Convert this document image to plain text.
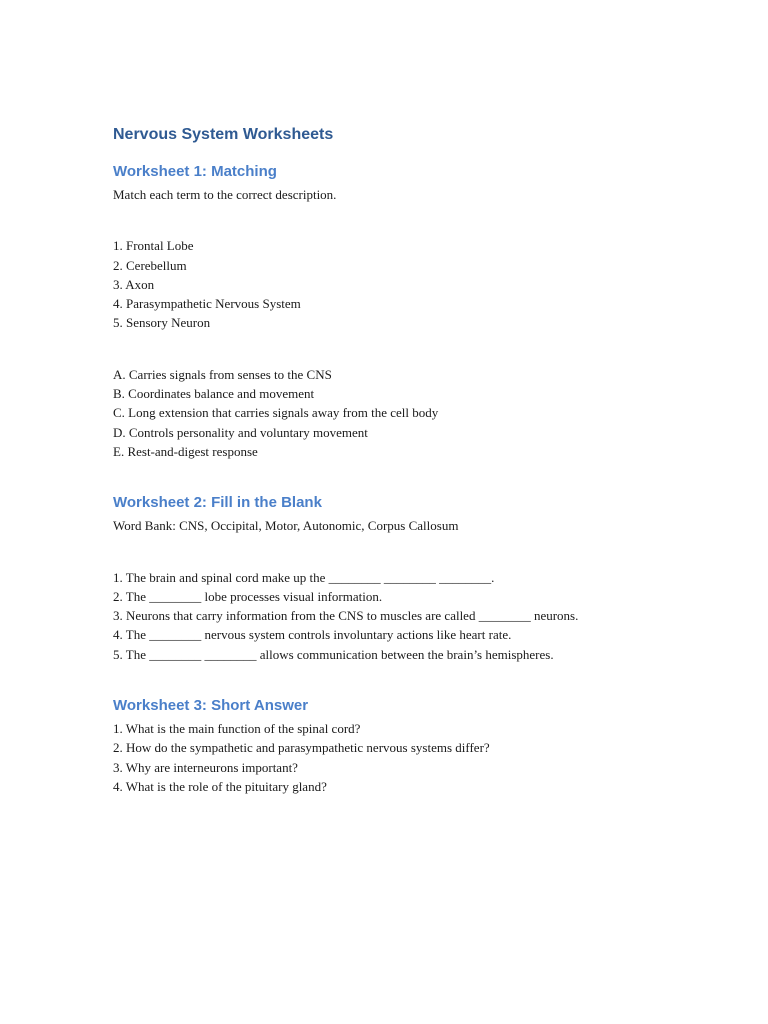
Nervous System Worksheets
Worksheet 1: Matching

Match each term to the correct description.

1. Frontal Lobe

2. Cerebellum

3. Axon

4. Parasympathetic Nervous System

5. Sensory Neuron

A. Carries signals from senses to the CNS

B. Coordinates balance and movement

C. Long extension that carries signals away from the cell body

D. Controls personality and voluntary movement

E. Rest-and-digest response

Worksheet 2: Fill in the Blank

Word Bank: CNS, Occipital, Motor, Autonomic, Corpus Callosum

1. The brain and spinal cord make up the ________ ________ ________.

2. The ________ lobe processes visual information.

3. Neurons that carry information from the CNS to muscles are called ________ neurons.

4. The ________ nervous system controls involuntary actions like heart rate.

5. The ________ ________ allows communication between the brain’s hemispheres.

Worksheet 3: Short Answer

1. What is the main function of the spinal cord?

2. How do the sympathetic and parasympathetic nervous systems differ?

3. Why are interneurons important?

4. What is the role of the pituitary gland?
